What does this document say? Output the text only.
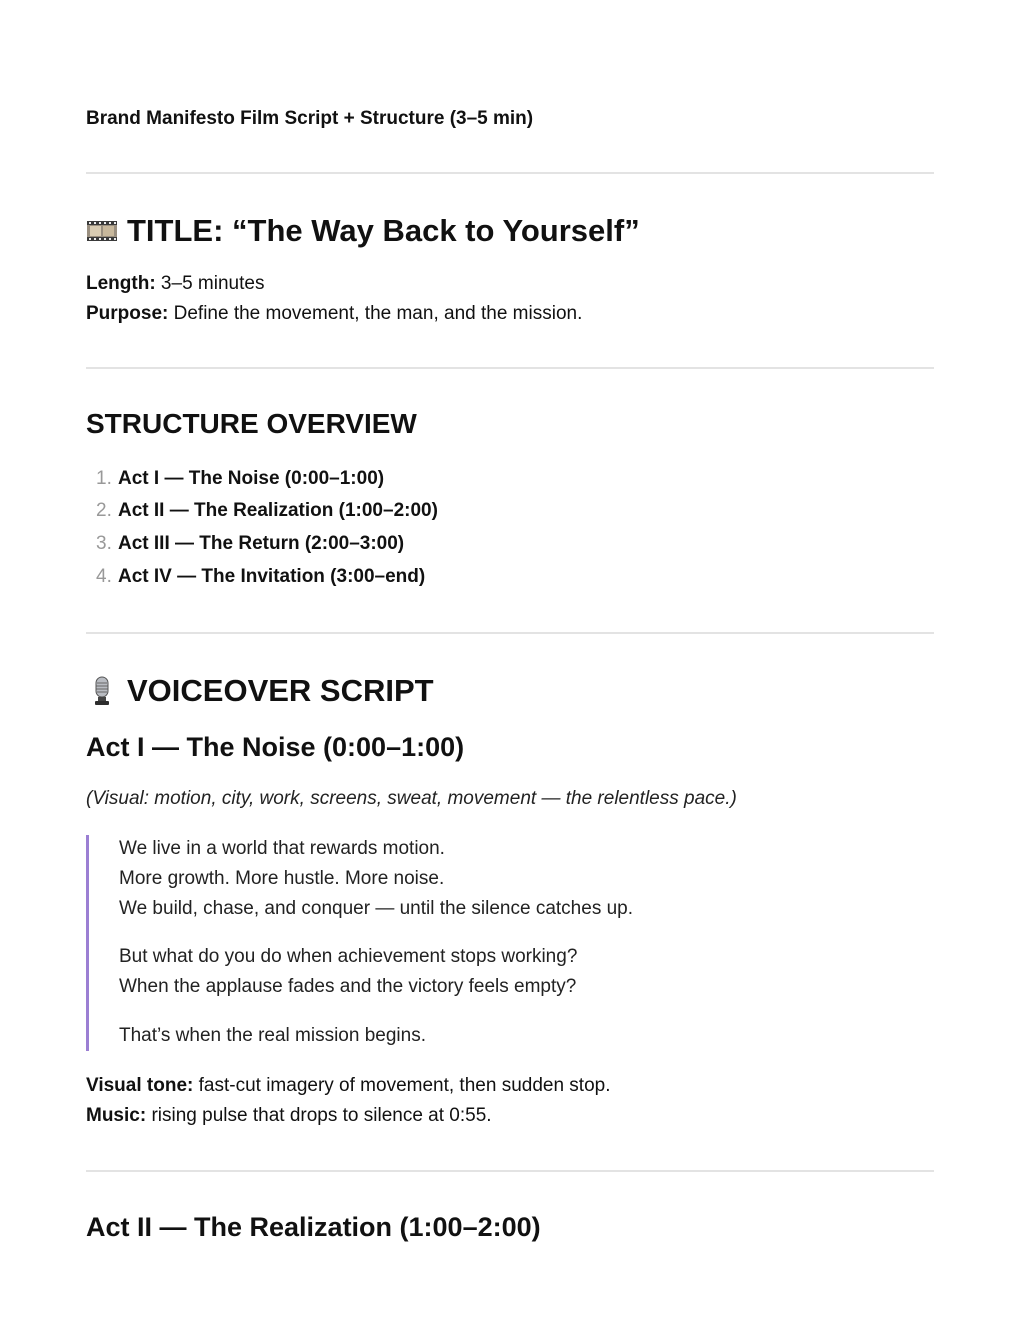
Brand Manifesto Film Script + Structure (3–5 min)

TITLE: “The Way Back to Yourself”

Length: 3–5 minutes

Purpose: Define the movement, the man, and the mission.

STRUCTURE OVERVIEW

1. Act I — The Noise (0:00–1:00)

2. Act II — The Realization (1:00–2:00)

3. Act III — The Return (2:00–3:00)

4. Act IV — The Invitation (3:00–end)

VOICEOVER SCRIPT
Act I — The Noise (0:00–1:00)

(Visual: motion, city, work, screens, sweat, movement — the relentless pace.)

We live in a world that rewards motion.

More growth. More hustle. More noise.

We build, chase, and conquer — until the silence catches up.

But what do you do when achievement stops working?

When the applause fades and the victory feels empty?

That’s when the real mission begins.

Visual tone: fast-cut imagery of movement, then sudden stop.

Music: rising pulse that drops to silence at 0:55.

Act II — The Realization (1:00–2:00)
